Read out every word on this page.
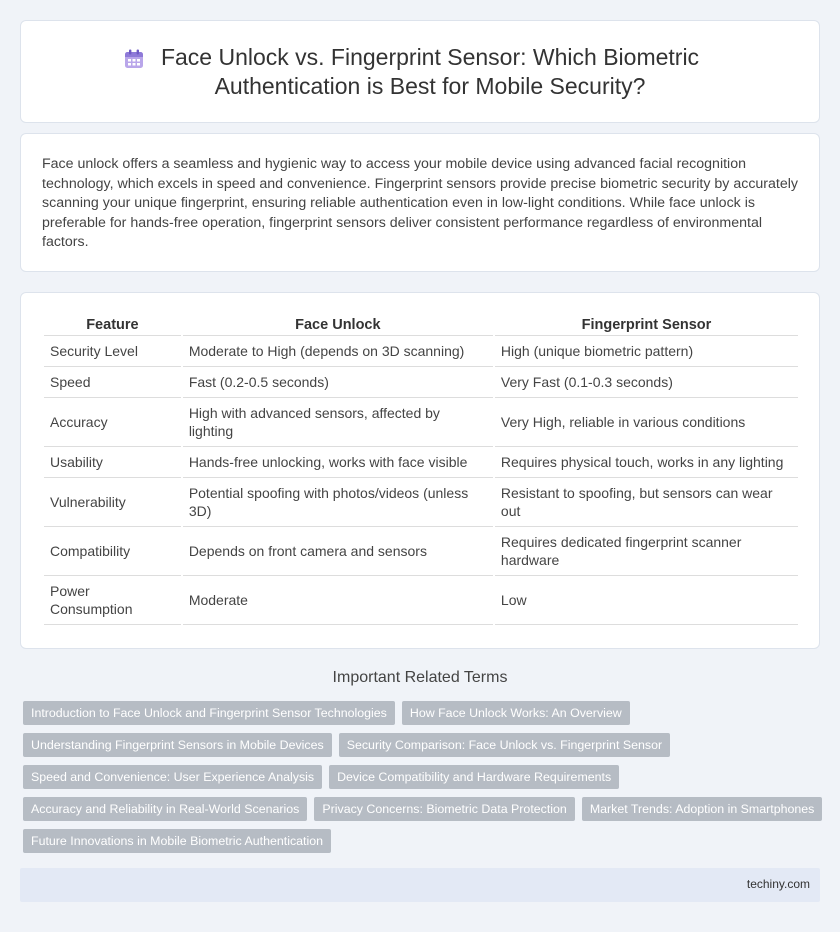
Face Unlock vs. Fingerprint Sensor: Which Biometric Authentication is Best for Mobile Security?

Face unlock offers a seamless and hygienic way to access your mobile device using advanced facial recognition technology, which excels in speed and convenience. Fingerprint sensors provide precise biometric security by accurately scanning your unique fingerprint, ensuring reliable authentication even in low-light conditions. While face unlock is preferable for hands-free operation, fingerprint sensors deliver consistent performance regardless of environmental factors.

Feature	Face Unlock	Fingerprint Sensor
Security Level	Moderate to High (depends on 3D scanning)	High (unique biometric pattern)
Speed	Fast (0.2-0.5 seconds)	Very Fast (0.1-0.3 seconds)
Accuracy	High with advanced sensors, affected by lighting	Very High, reliable in various conditions
Usability	Hands-free unlocking, works with face visible	Requires physical touch, works in any lighting
Vulnerability	Potential spoofing with photos/videos (unless 3D)	Resistant to spoofing, but sensors can wear out
Compatibility	Depends on front camera and sensors	Requires dedicated fingerprint scanner hardware
Power Consumption	Moderate	Low
Important Related Terms
Introduction to Face Unlock and Fingerprint Sensor Technologies	How Face Unlock Works: An Overview
Understanding Fingerprint Sensors in Mobile Devices	Security Comparison: Face Unlock vs. Fingerprint Sensor
Speed and Convenience: User Experience Analysis	Device Compatibility and Hardware Requirements
Accuracy and Reliability in Real-World Scenarios	Privacy Concerns: Biometric Data Protection	Market Trends: Adoption in Smartphones
Future Innovations in Mobile Biometric Authentication
techiny.com
